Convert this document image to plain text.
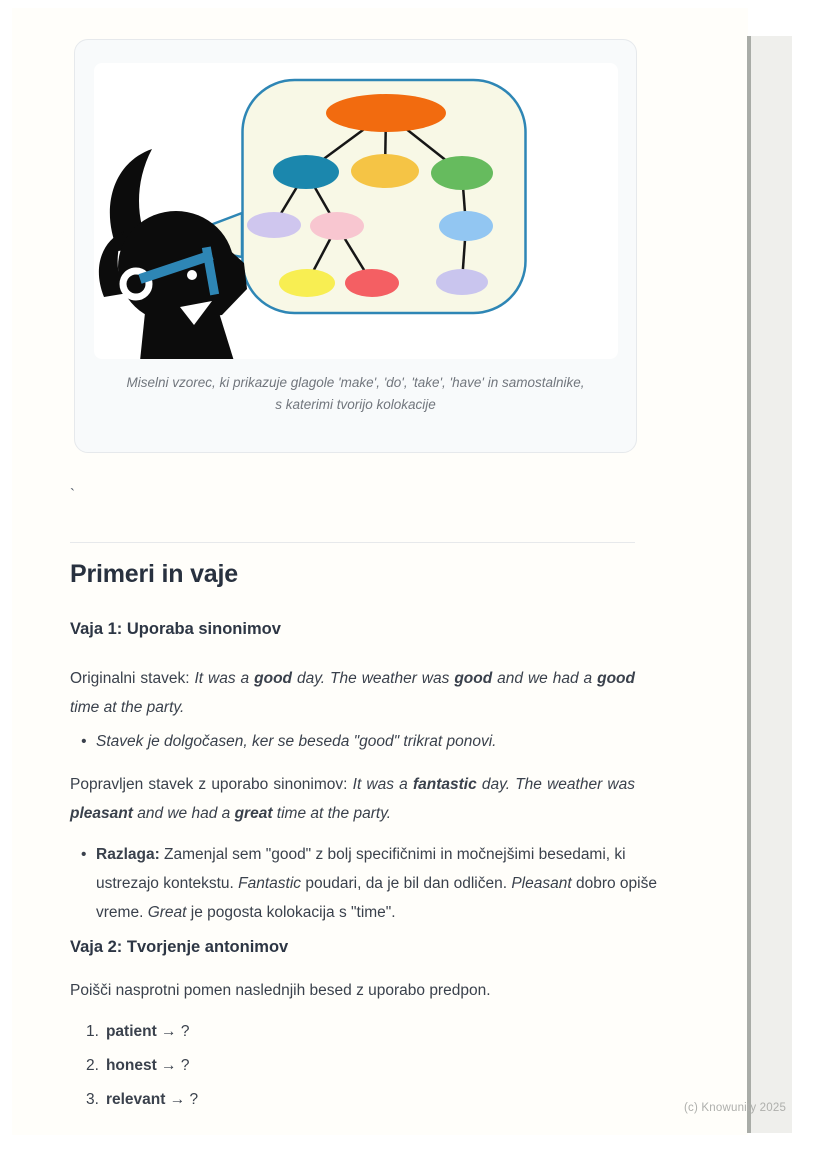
Miselni vzorec, ki prikazuje glagole 'make', 'do', 'take', 'have' in samostalnike,
s katerimi tvorijo kolokacije
`
Primeri in vaje
Vaja 1: Uporaba sinonimov

Originalni stavek: It was a good day. The weather was good and we had a good time at the party.

• Stavek je dolgočasen, ker se beseda "good" trikrat ponovi.

Popravljen stavek z uporabo sinonimov: It was a fantastic day. The weather was pleasant and we had a great time at the party.

• Razlaga: Zamenjal sem "good" z bolj specifičnimi in močnejšimi besedami, ki ustrezajo kontekstu. Fantastic poudari, da je bil dan odličen. Pleasant dobro opiše vreme. Great je pogosta kolokacija s "time".
Vaja 2: Tvorjenje antonimov

Poišči nasprotni pomen naslednjih besed z uporabo predpon.

1. patient → ?
2. honest → ?
3. relevant → ?	(c) Knowunity 2025
